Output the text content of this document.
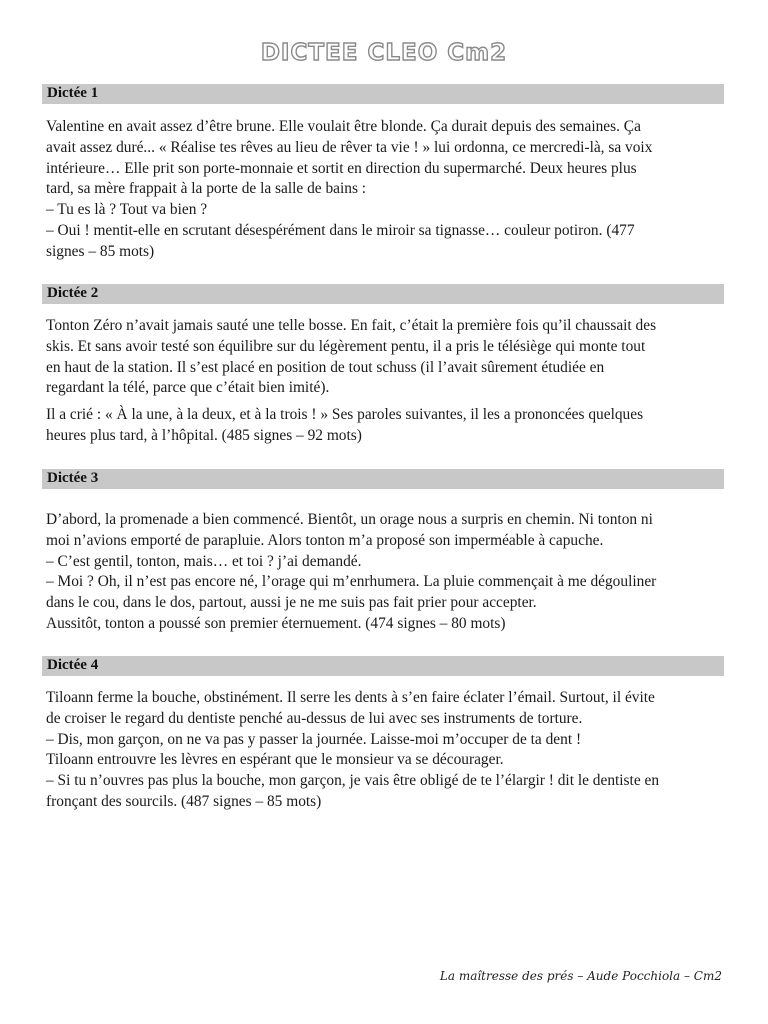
DICTEE CLEO Cm2
Dictée 1
Valentine en avait assez d’être brune. Elle voulait être blonde. Ça durait depuis des semaines. Ça
avait assez duré... « Réalise tes rêves au lieu de rêver ta vie ! » lui ordonna, ce mercredi-là, sa voix
intérieure… Elle prit son porte-monnaie et sortit en direction du supermarché. Deux heures plus
tard, sa mère frappait à la porte de la salle de bains :
– Tu es là ? Tout va bien ?
– Oui ! mentit-elle en scrutant désespérément dans le miroir sa tignasse… couleur potiron. (477
signes – 85 mots)
Dictée 2
Tonton Zéro n’avait jamais sauté une telle bosse. En fait, c’était la première fois qu’il chaussait des
skis. Et sans avoir testé son équilibre sur du légèrement pentu, il a pris le télésiège qui monte tout
en haut de la station. Il s’est placé en position de tout schuss (il l’avait sûrement étudiée en
regardant la télé, parce que c’était bien imité).
Il a crié : « À la une, à la deux, et à la trois ! » Ses paroles suivantes, il les a prononcées quelques
heures plus tard, à l’hôpital. (485 signes – 92 mots)
Dictée 3
D’abord, la promenade a bien commencé. Bientôt, un orage nous a surpris en chemin. Ni tonton ni
moi n’avions emporté de parapluie. Alors tonton m’a proposé son imperméable à capuche.
– C’est gentil, tonton, mais… et toi ? j’ai demandé.
– Moi ? Oh, il n’est pas encore né, l’orage qui m’enrhumera. La pluie commençait à me dégouliner
dans le cou, dans le dos, partout, aussi je ne me suis pas fait prier pour accepter.
Aussitôt, tonton a poussé son premier éternuement. (474 signes – 80 mots)
Dictée 4
Tiloann ferme la bouche, obstinément. Il serre les dents à s’en faire éclater l’émail. Surtout, il évite
de croiser le regard du dentiste penché au-dessus de lui avec ses instruments de torture.
– Dis, mon garçon, on ne va pas y passer la journée. Laisse-moi m’occuper de ta dent !
Tiloann entrouvre les lèvres en espérant que le monsieur va se décourager.
– Si tu n’ouvres pas plus la bouche, mon garçon, je vais être obligé de te l’élargir ! dit le dentiste en
fronçant des sourcils. (487 signes – 85 mots)
La maîtresse des prés – Aude Pocchiola – Cm2
